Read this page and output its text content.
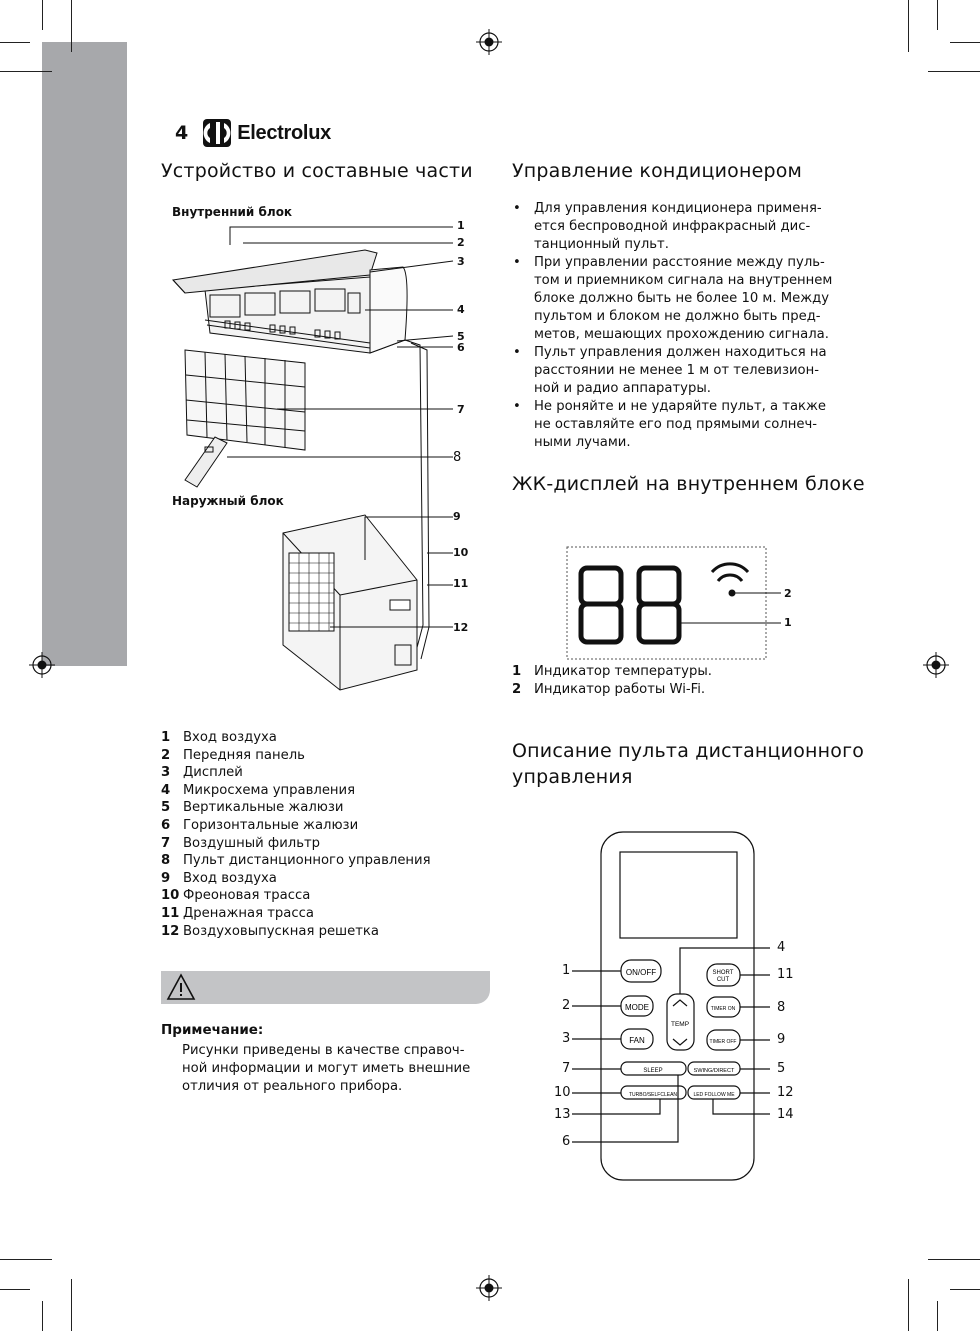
4 Electrolux
Устройство и составные части
Внутренний блок
Наружный блок
1
2
3
4
5
6
7
8
9
10
11
12
1 Вход воздуха
2 Передняя панель
3 Дисплей
4 Микросхема управления
5 Вертикальные жалюзи
6 Горизонтальные жалюзи
7 Воздушный фильтр
8 Пульт дистанционного управления
9 Вход воздуха
10 Фреоновая трасса
11 Дренажная трасса
12 Воздуховыпускная решетка
Примечание:
Рисунки приведены в качестве справоч-ной информации и могут иметь внешние отличия от реального прибора.
Управление кондиционером
• Для управления кондиционера применя-ется беспроводной инфракрасный дис-танционный пульт.
• При управлении расстояние между пуль-том и приемником сигнала на внутреннем блоке должно быть не более 10 м. Между пультом и блоком не должно быть пред-метов, мешающих прохождению сигнала.
• Пульт управления должен находиться на расстоянии не менее 1 м от телевизион-ной и радио аппаратуры.
• Не роняйте и не ударяйте пульт, а также не оставляйте его под прямыми солнеч-ными лучами.
ЖК-дисплей на внутреннем блоке
2
1
1 Индикатор температуры.
2 Индикатор работы Wi-Fi.
Описание пульта дистанционного
управления
ON/OFF
MODE
FAN
SLEEP
TURBO/SELFCLEAN
TEMP
SHORT
CUT
TIMER ON
TIMER OFF
SWING/DIRECT
LED FOLLOW ME
1
2
3
7
10
13
6
4
11
8
9
5
12
14
